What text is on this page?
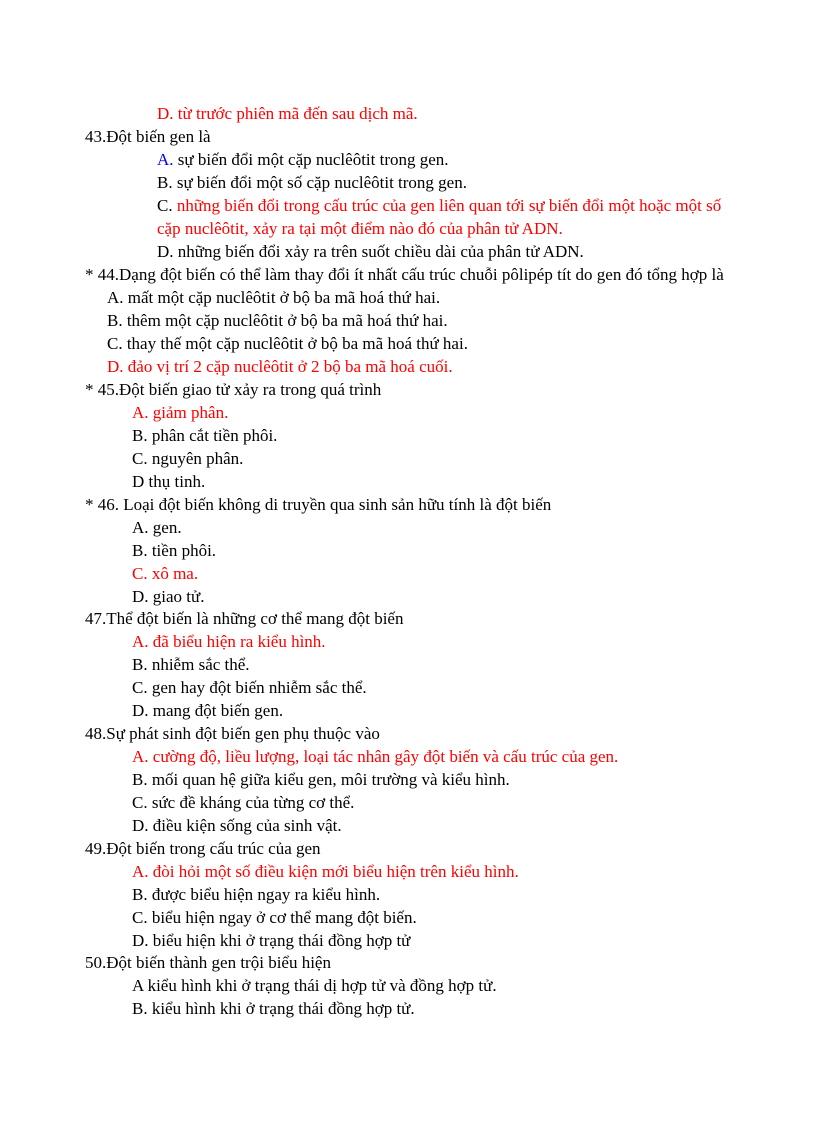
D. từ trước phiên mã đến sau dịch mã.
43.Đột biến gen là
A. sự biến đổi một cặp nuclêôtit trong gen.
B. sự biến đổi một số cặp nuclêôtit trong gen.
C. những biến đổi trong cấu trúc của gen liên quan tới sự biến đổi một hoặc một số
cặp nuclêôtit, xảy ra tại một điểm nào đó của phân tử ADN.
D. những biến đổi xảy ra trên suốt chiều dài của phân tử ADN.
* 44.Dạng đột biến có thể làm thay đổi ít nhất cấu trúc chuỗi pôlipép tít do gen đó tổng hợp là
A. mất một cặp nuclêôtit ở bộ ba mã hoá thứ hai.
B. thêm một cặp nuclêôtit ở bộ ba mã hoá thứ hai.
C. thay thế một cặp nuclêôtit ở bộ ba mã hoá thứ hai.
D. đảo vị trí 2 cặp nuclêôtit ở 2 bộ ba mã hoá cuối.
* 45.Đột biến giao tử xảy ra trong quá trình
A. giảm phân.
B. phân cắt tiền phôi.
C. nguyên phân.
D thụ tinh.
* 46. Loại đột biến không di truyền qua sinh sản hữu tính là đột biến
A. gen.
B. tiền phôi.
C. xô ma.
D. giao tử.
47.Thể đột biến là những cơ thể mang đột biến
A. đã biểu hiện ra kiểu hình.
B. nhiễm sắc thể.
C. gen hay đột biến nhiễm sắc thể.
D. mang đột biến gen.
48.Sự phát sinh đột biến gen phụ thuộc vào
A. cường độ, liều lượng, loại tác nhân gây đột biến và cấu trúc của gen.
B. mối quan hệ giữa kiểu gen, môi trường và kiểu hình.
C. sức đề kháng của từng cơ thể.
D. điều kiện sống của sinh vật.
49.Đột biến trong cấu trúc của gen
A. đòi hỏi một số điều kiện mới biểu hiện trên kiểu hình.
B. được biểu hiện ngay ra kiểu hình.
C. biểu hiện ngay ở cơ thể mang đột biến.
D. biểu hiện khi ở trạng thái đồng hợp tử
50.Đột biến thành gen trội biểu hiện
A kiểu hình khi ở trạng thái dị hợp tử và đồng hợp tử.
B. kiểu hình khi ở trạng thái đồng hợp tử.
